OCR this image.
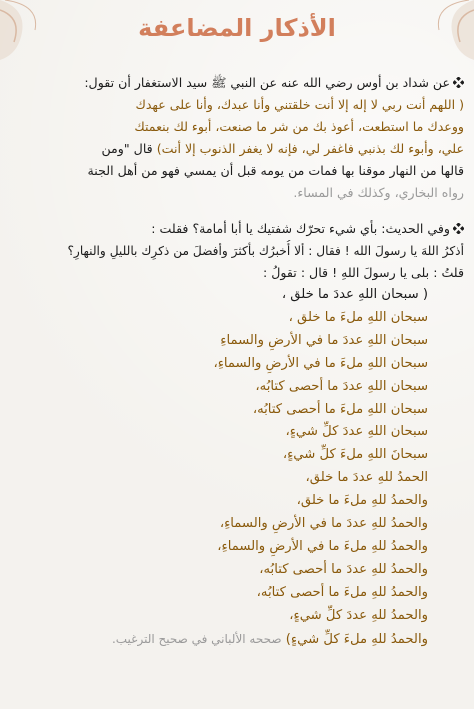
الأذكار المضاعفة
عن شداد بن أوس رضي الله عنه عن النبي ﷺ سيد الاستغفار أن تقول:
( اللهم أنت ربي لا إله إلا أنت خلقتني وأنا عبدك، وأنا على عهدك
ووعدك ما استطعت، أعوذ بك من شر ما صنعت، أبوء لك بنعمتك
علي، وأبوء لك بذنبي فاغفر لي، فإنه لا يغفر الذنوب إلا أنت) قال "ومن
قالها من النهار موقنا بها فمات من يومه قبل أن يمسي فهو من أهل الجنة
رواه البخاري، وكذلك في المساء.
وفي الحديث: بأي شيء تحرّك شفتيك يا أبا أمامة؟ فقلت :
أذكرُ اللهَ يا رسولَ الله ! فقال : ألا أُخبرُك بأكثرَ وأفضلَ من ذكرِك بالليلِ والنهارِ؟
قلتُ : بلى يا رسولَ اللهِ ! قال : تقولُ :
( سبحان اللهِ عددَ ما خلق ،
سبحان اللهِ ملءَ ما خلق ،
سبحان اللهِ عددَ ما في الأرضِ والسماءِ
سبحان اللهِ ملءَ ما في الأرضِ والسماءِ،
سبحان اللهِ عددَ ما أحصى كتابُه،
سبحان اللهِ ملءَ ما أحصى كتابُه،
سبحان اللهِ عددَ كلِّ شيءٍ،
سبحانَ اللهِ ملءَ كلِّ شيءٍ،
الحمدُ للهِ عددَ ما خلق،
والحمدُ للهِ ملءَ ما خلق،
والحمدُ للهِ عددَ ما في الأرضِ والسماءِ،
والحمدُ للهِ ملءَ ما في الأرضِ والسماءِ،
والحمدُ للهِ عددَ ما أحصى كتابُه،
والحمدُ للهِ ملءَ ما أحصى كتابُه،
والحمدُ للهِ عددَ كلِّ شيءٍ،
والحمدُ للهِ ملءَ كلِّ شيءٍ) صححه الألباني في صحيح الترغيب.
